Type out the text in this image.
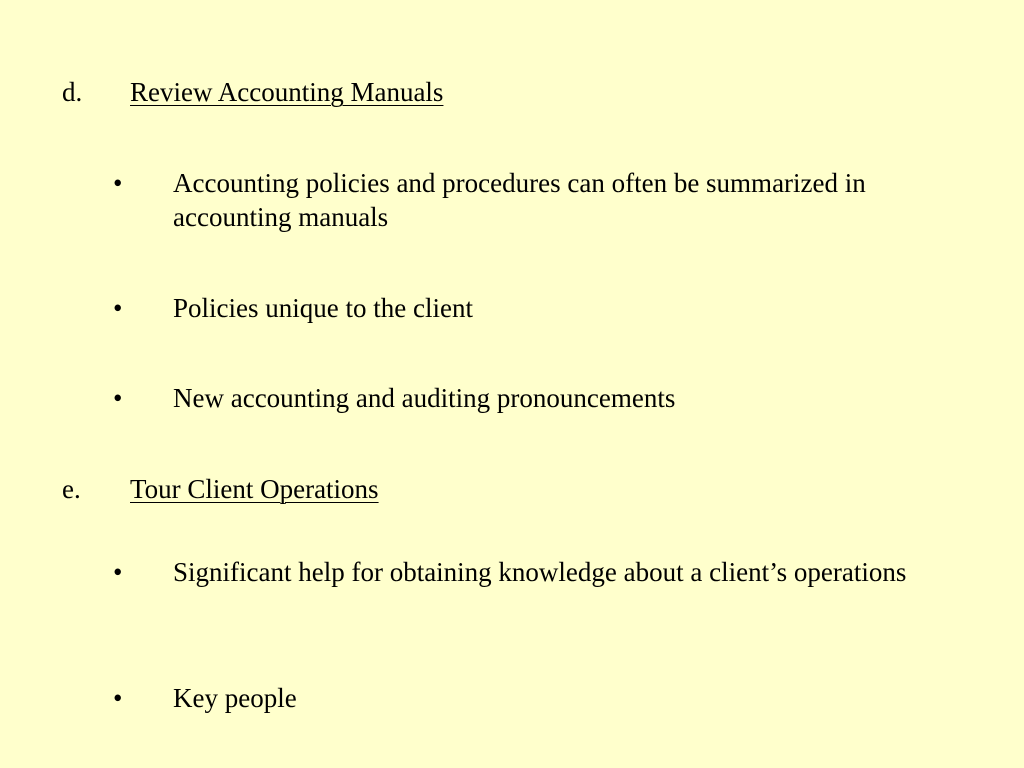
d. Review Accounting Manuals
• Accounting policies and procedures can often be summarized in accounting manuals
• Policies unique to the client
• New accounting and auditing pronouncements
e. Tour Client Operations
• Significant help for obtaining knowledge about a client’s operations
• Key people
